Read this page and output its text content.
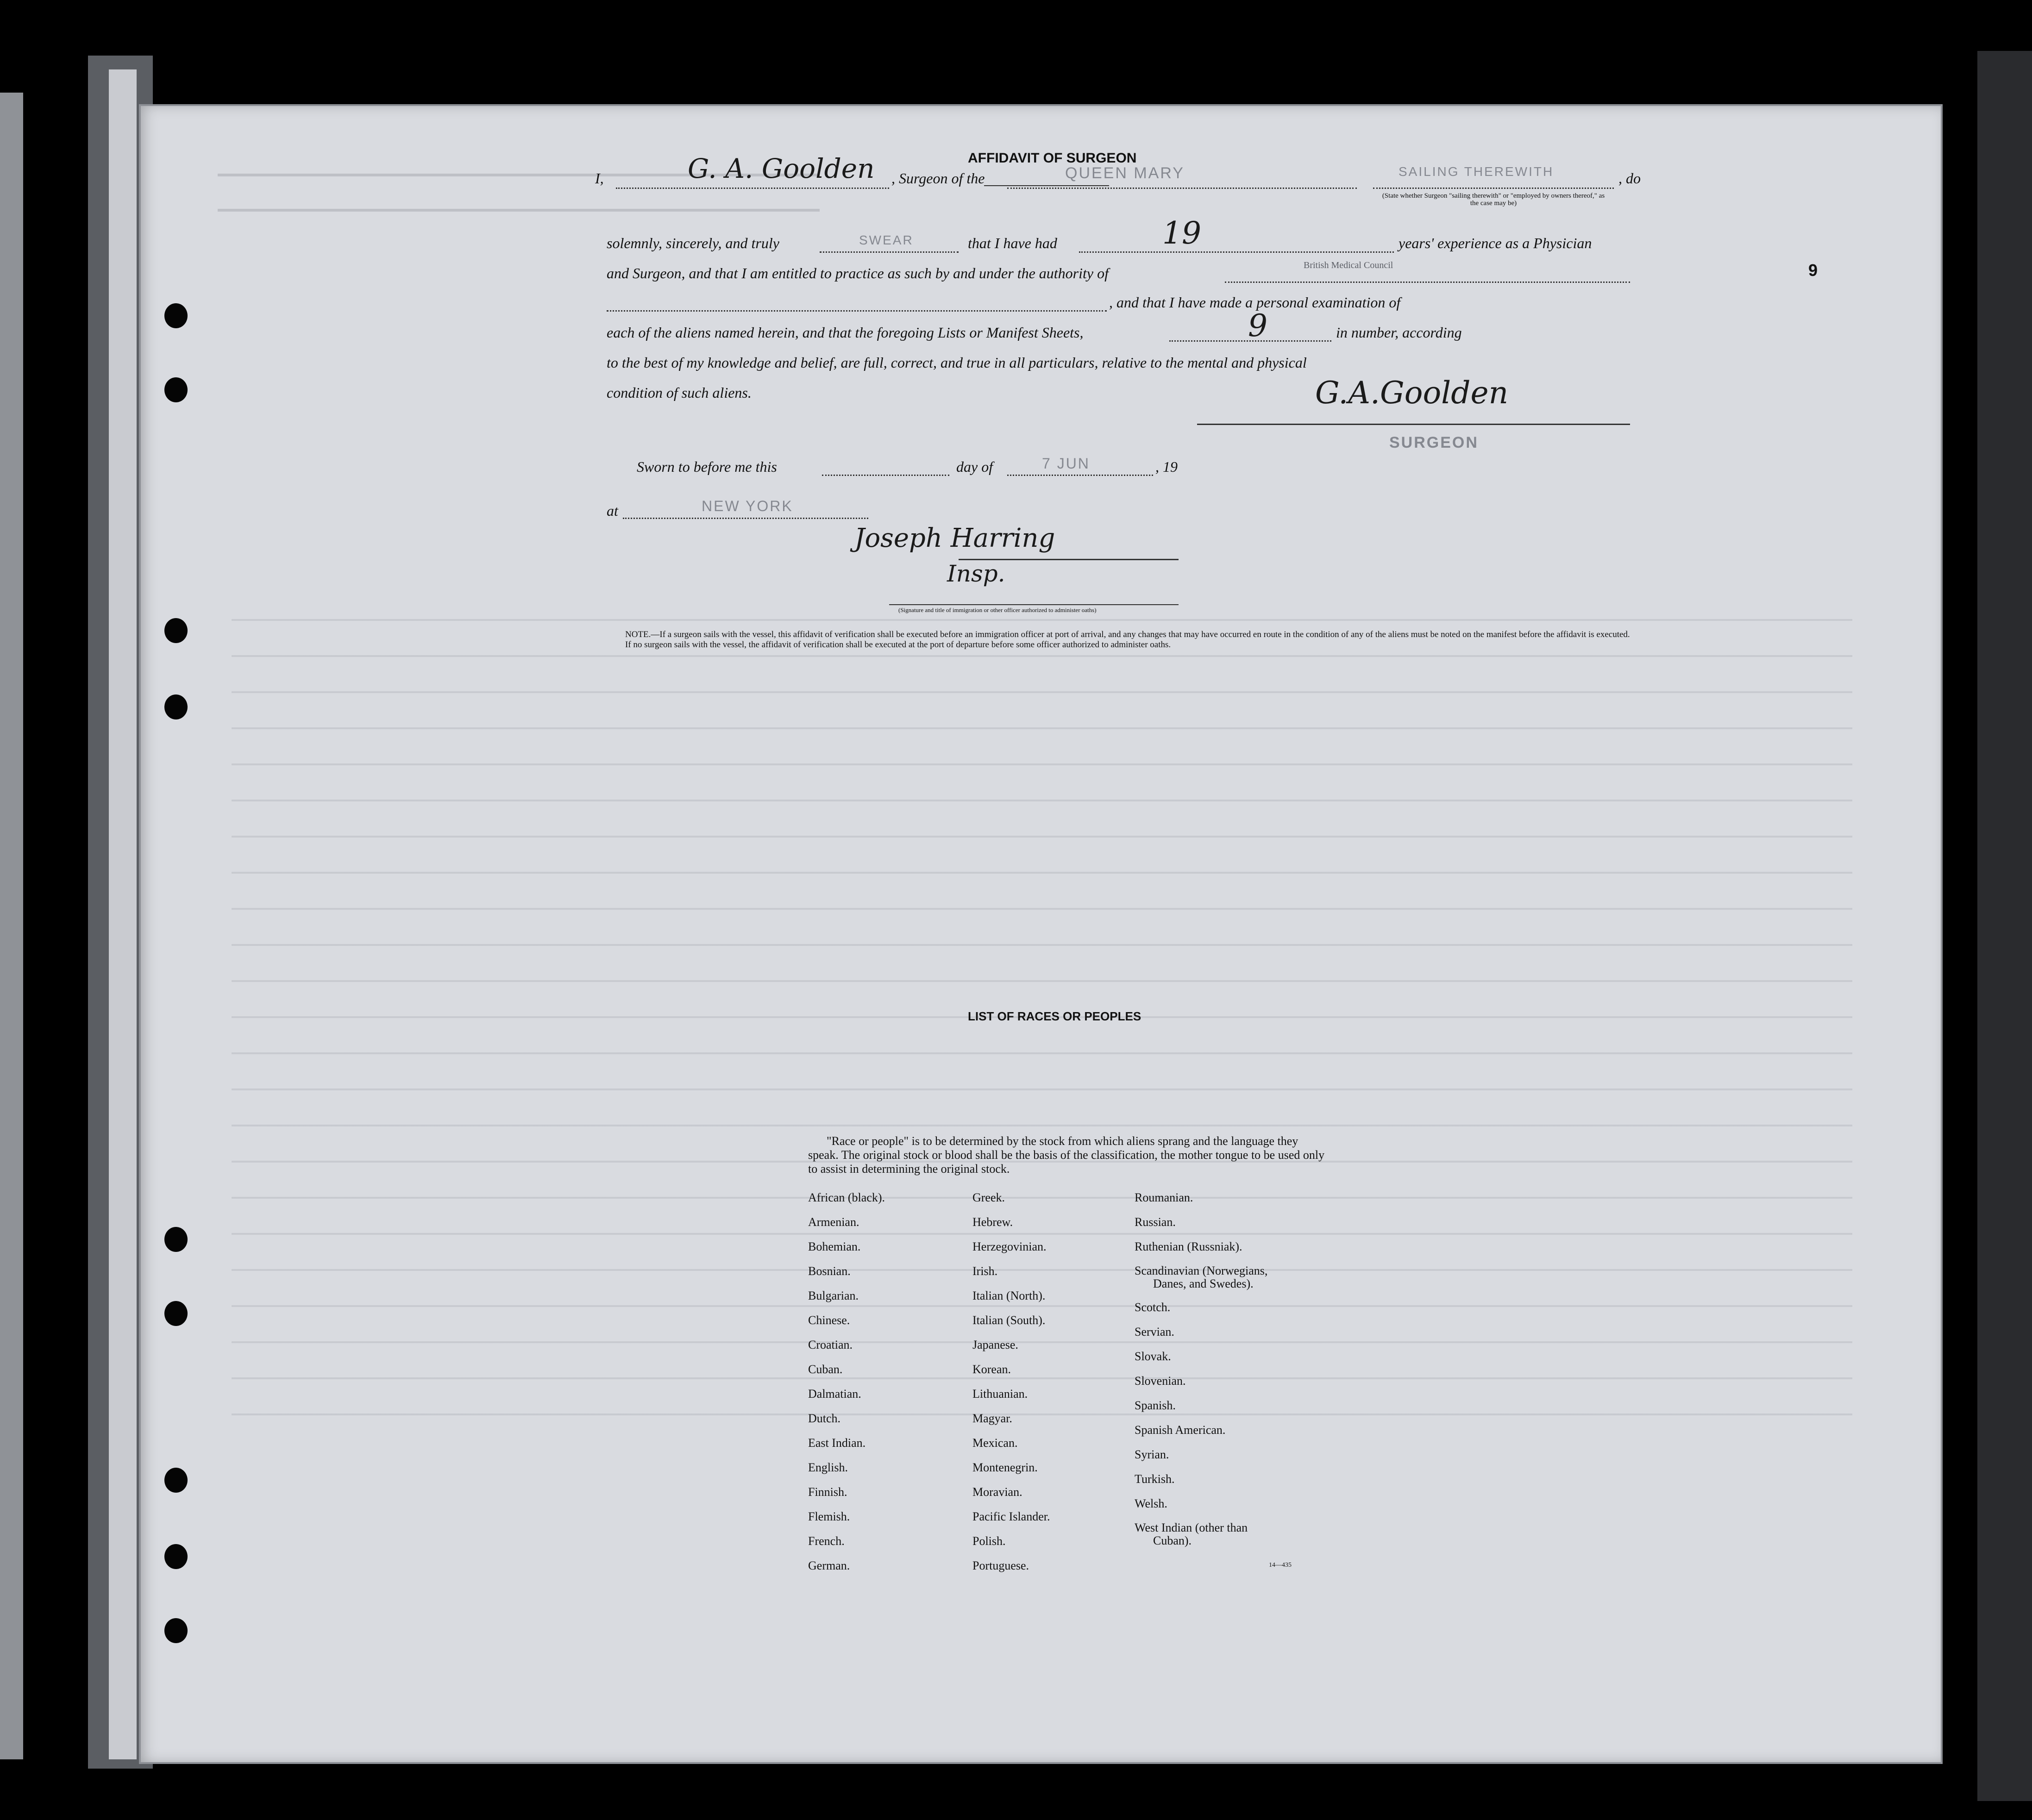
9
AFFIDAVIT OF SURGEON
I,	G. A. Goolden , Surgeon of the	QUEEN MARY	SAILING THEREWITH
(State whether Surgeon "sailing therewith" or "employed by owners thereof," as the case may be)
, do
solemnly, sincerely, and truly	SWEAR	that I have had	19	years' experience as a Physician
and Surgeon, and that I am entitled to practice as such by and under the authority of	British Medical Council
, and that I have made a personal examination of
each of the aliens named herein, and that the foregoing Lists or Manifest Sheets,	9	in number, according
to the best of my knowledge and belief, are full, correct, and true in all particulars, relative to the mental and physical
condition of such aliens.	G.A.Goolden
SURGEON
Sworn to before me this	day of	7 JUN	, 19
at	NEW YORK
Joseph Harring
Insp.
(Signature and title of immigration or other officer authorized to administer oaths)
NOTE.—If a surgeon sails with the vessel, this affidavit of verification shall be executed before an immigration officer at port of arrival, and any changes that may have occurred en route in the condition of any of the aliens must be noted on the manifest before the affidavit is executed.
If no surgeon sails with the vessel, the affidavit of verification shall be executed at the port of departure before some officer authorized to administer oaths.
LIST OF RACES OR PEOPLES
"Race or people" is to be determined by the stock from which aliens sprang and the language they speak. The original stock or blood shall be the basis of the classification, the mother tongue to be used only to assist in determining the original stock.
African (black).
Armenian.
Bohemian.
Bosnian.
Bulgarian.
Chinese.
Croatian.
Cuban.
Dalmatian.
Dutch.
East Indian.
English.
Finnish.
Flemish.
French.
German.
Greek.
Hebrew.
Herzegovinian.
Irish.
Italian (North).
Italian (South).
Japanese.
Korean.
Lithuanian.
Magyar.
Mexican.
Montenegrin.
Moravian.
Pacific Islander.
Polish.
Portuguese.
Roumanian.
Russian.
Ruthenian (Russniak).
Scandinavian (Norwegians,
Danes, and Swedes).
Scotch.
Servian.
Slovak.
Slovenian.
Spanish.
Spanish American.
Syrian.
Turkish.
Welsh.
West Indian (other than
Cuban).
14—435
